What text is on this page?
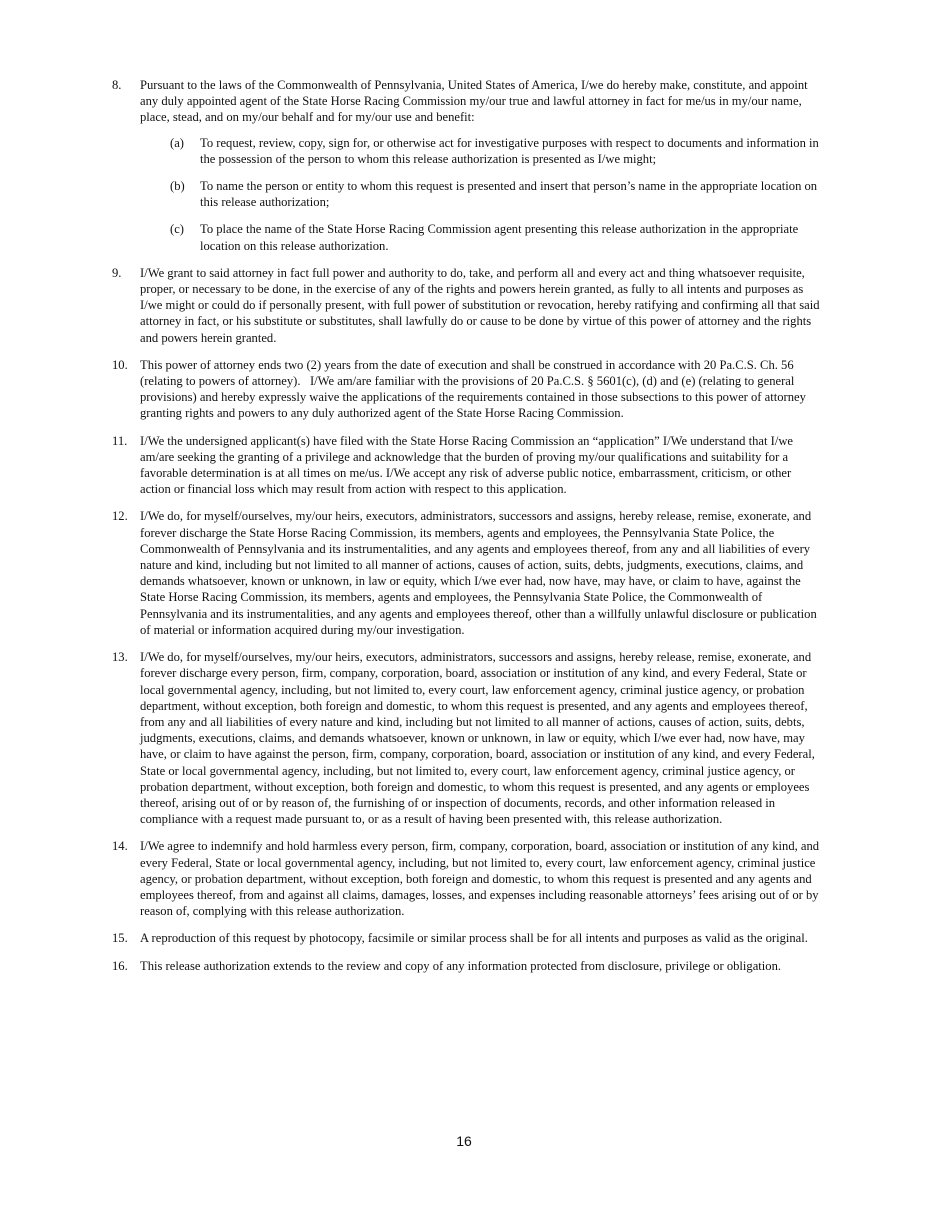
8. Pursuant to the laws of the Commonwealth of Pennsylvania, United States of America, I/we do hereby make, constitute, and appoint any duly appointed agent of the State Horse Racing Commission my/our true and lawful attorney in fact for me/us in my/our name, place, stead, and on my/our behalf and for my/our use and benefit:
(a) To request, review, copy, sign for, or otherwise act for investigative purposes with respect to documents and information in the possession of the person to whom this release authorization is presented as I/we might;
(b) To name the person or entity to whom this request is presented and insert that person’s name in the appropriate location on this release authorization;
(c) To place the name of the State Horse Racing Commission agent presenting this release authorization in the appropriate location on this release authorization.
9. I/We grant to said attorney in fact full power and authority to do, take, and perform all and every act and thing whatsoever requisite, proper, or necessary to be done, in the exercise of any of the rights and powers herein granted, as fully to all intents and purposes as I/we might or could do if personally present, with full power of substitution or revocation, hereby ratifying and confirming all that said attorney in fact, or his substitute or substitutes, shall lawfully do or cause to be done by virtue of this power of attorney and the rights and powers herein granted.
10. This power of attorney ends two (2) years from the date of execution and shall be construed in accordance with 20 Pa.C.S. Ch. 56 (relating to powers of attorney).   I/We am/are familiar with the provisions of 20 Pa.C.S. § 5601(c), (d) and (e) (relating to general provisions) and hereby expressly waive the applications of the requirements contained in those subsections to this power of attorney granting rights and powers to any duly authorized agent of the State Horse Racing Commission.
11. I/We the undersigned applicant(s) have filed with the State Horse Racing Commission an “application” I/We understand that I/we am/are seeking the granting of a privilege and acknowledge that the burden of proving my/our qualifications and suitability for a favorable determination is at all times on me/us. I/We accept any risk of adverse public notice, embarrassment, criticism, or other action or financial loss which may result from action with respect to this application.
12. I/We do, for myself/ourselves, my/our heirs, executors, administrators, successors and assigns, hereby release, remise, exonerate, and forever discharge the State Horse Racing Commission, its members, agents and employees, the Pennsylvania State Police, the Commonwealth of Pennsylvania and its instrumentalities, and any agents and employees thereof, from any and all liabilities of every nature and kind, including but not limited to all manner of actions, causes of action, suits, debts, judgments, executions, claims, and demands whatsoever, known or unknown, in law or equity, which I/we ever had, now have, may have, or claim to have, against the State Horse Racing Commission, its members, agents and employees, the Pennsylvania State Police, the Commonwealth of Pennsylvania and its instrumentalities, and any agents and employees thereof, other than a willfully unlawful disclosure or publication of material or information acquired during my/our investigation.
13. I/We do, for myself/ourselves, my/our heirs, executors, administrators, successors and assigns, hereby release, remise, exonerate, and forever discharge every person, firm, company, corporation, board, association or institution of any kind, and every Federal, State or local governmental agency, including, but not limited to, every court, law enforcement agency, criminal justice agency, or probation department, without exception, both foreign and domestic, to whom this request is presented, and any agents and employees thereof, from any and all liabilities of every nature and kind, including but not limited to all manner of actions, causes of action, suits, debts, judgments, executions, claims, and demands whatsoever, known or unknown, in law or equity, which I/we ever had, now have, may have, or claim to have against the person, firm, company, corporation, board, association or institution of any kind, and every Federal, State or local governmental agency, including, but not limited to, every court, law enforcement agency, criminal justice agency, or probation department, without exception, both foreign and domestic, to whom this request is presented, and any agents or employees thereof, arising out of or by reason of, the furnishing of or inspection of documents, records, and other information released in compliance with a request made pursuant to, or as a result of having been presented with, this release authorization.
14. I/We agree to indemnify and hold harmless every person, firm, company, corporation, board, association or institution of any kind, and every Federal, State or local governmental agency, including, but not limited to, every court, law enforcement agency, criminal justice agency, or probation department, without exception, both foreign and domestic, to whom this request is presented and any agents and employees thereof, from and against all claims, damages, losses, and expenses including reasonable attorneys’ fees arising out of or by reason of, complying with this release authorization.
15. A reproduction of this request by photocopy, facsimile or similar process shall be for all intents and purposes as valid as the original.
16. This release authorization extends to the review and copy of any information protected from disclosure, privilege or obligation.
16
